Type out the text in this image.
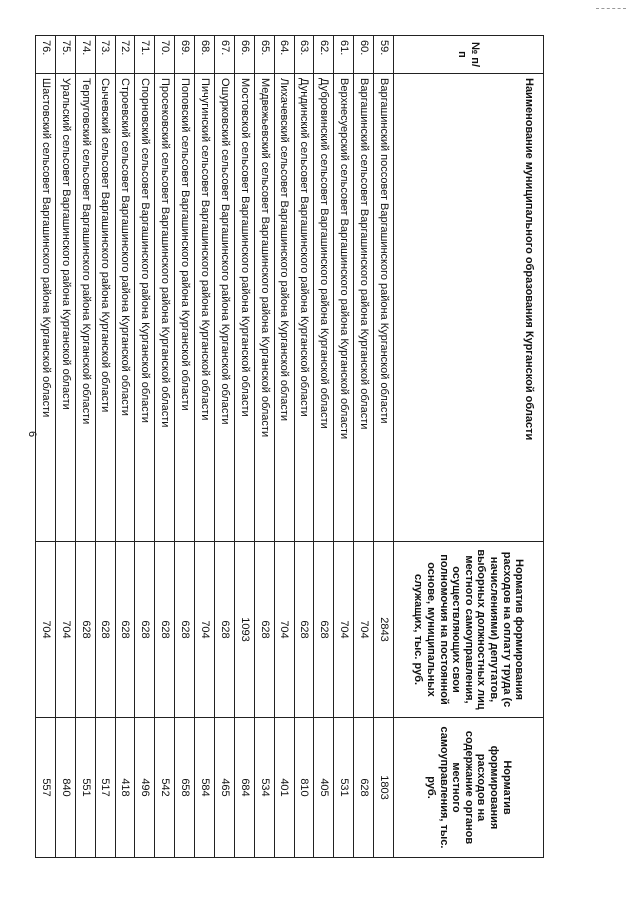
6
№ п/п	Наименование муниципального образования Курганской области	Норматив формирования расходов на оплату труда (с начислениями) депутатов, выборных должностных лиц местного самоуправления, осуществляющих свои полномочия на постоянной основе, муниципальных служащих, тыс. руб.	Норматив формирования расходов на содержание органов местного самоуправления, тыс. руб.
59.	Варгашинский поссовет Варгашинского района Курганской области	2843	1803
60.	Варгашинский сельсовет Варгашинского района Курганской области	704	628
61.	Верхнесуерский сельсовет Варгашинского района Курганской области	704	531
62.	Дубровинский сельсовет Варгашинского района Курганской области	628	405
63.	Дундинский сельсовет Варгашинского района Курганской области	628	810
64.	Лихачевский сельсовет Варгашинского района Курганской области	704	401
65.	Медвежьевский сельсовет Варгашинского района Курганской области	628	534
66.	Мостовской сельсовет Варгашинского района Курганской области	1093	684
67.	Ошурковский сельсовет Варгашинского района Курганской области	628	465
68.	Пичугинский сельсовет Варгашинского района Курганской области	704	584
69.	Поповский сельсовет Варгашинского района Курганской области	628	658
70.	Просековский сельсовет Варгашинского района Курганской области	628	542
71.	Спорновский сельсовет Варгашинского района Курганской области	628	496
72.	Строевский сельсовет Варгашинского района Курганской области	628	418
73.	Сычевский сельсовет Варгашинского района Курганской области	628	517
74.	Терпуговский сельсовет Варгашинского района Курганской области	628	551
75.	Уральский сельсовет Варгашинского района Курганской области	704	840
76.	Шастовский сельсовет Варгашинского района Курганской области	704	557
